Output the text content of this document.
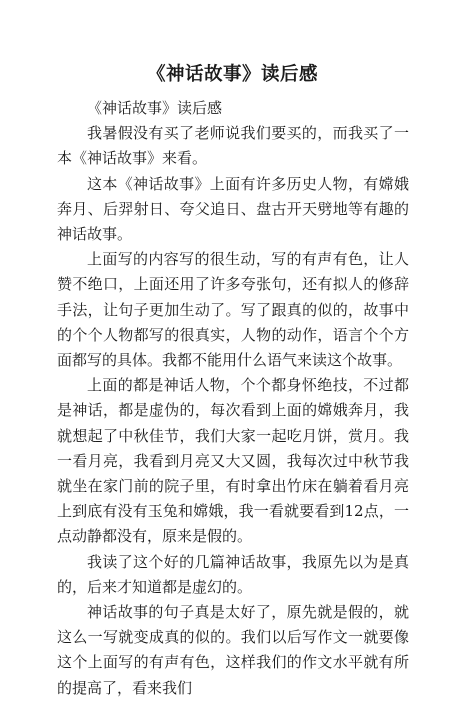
《神话故事》读后感

《神话故事》读后感

我暑假没有买了老师说我们要买的，而我买了一本《神话故事》来看。

这本《神话故事》上面有许多历史人物，有嫦娥奔月、后羿射日、夸父追日、盘古开天劈地等有趣的神话故事。

上面写的内容写的很生动，写的有声有色，让人赞不绝口，上面还用了许多夸张句，还有拟人的修辞手法，让句子更加生动了。写了跟真的似的，故事中的个个人物都写的很真实，人物的动作，语言个个方面都写的具体。我都不能用什么语气来读这个故事。

上面的都是神话人物，个个都身怀绝技，不过都是神话，都是虚伪的，每次看到上面的嫦娥奔月，我就想起了中秋佳节，我们大家一起吃月饼，赏月。我一看月亮，我看到月亮又大又圆，我每次过中秋节我就坐在家门前的院子里，有时拿出竹床在躺着看月亮上到底有没有玉兔和嫦娥，我一看就要看到12点，一点动静都没有，原来是假的。

我读了这个好的几篇神话故事，我原先以为是真的，后来才知道都是虚幻的。

神话故事的句子真是太好了，原先就是假的，就这么一写就变成真的似的。我们以后写作文一就要像这个上面写的有声有色，这样我们的作文水平就有所的提高了，看来我们
